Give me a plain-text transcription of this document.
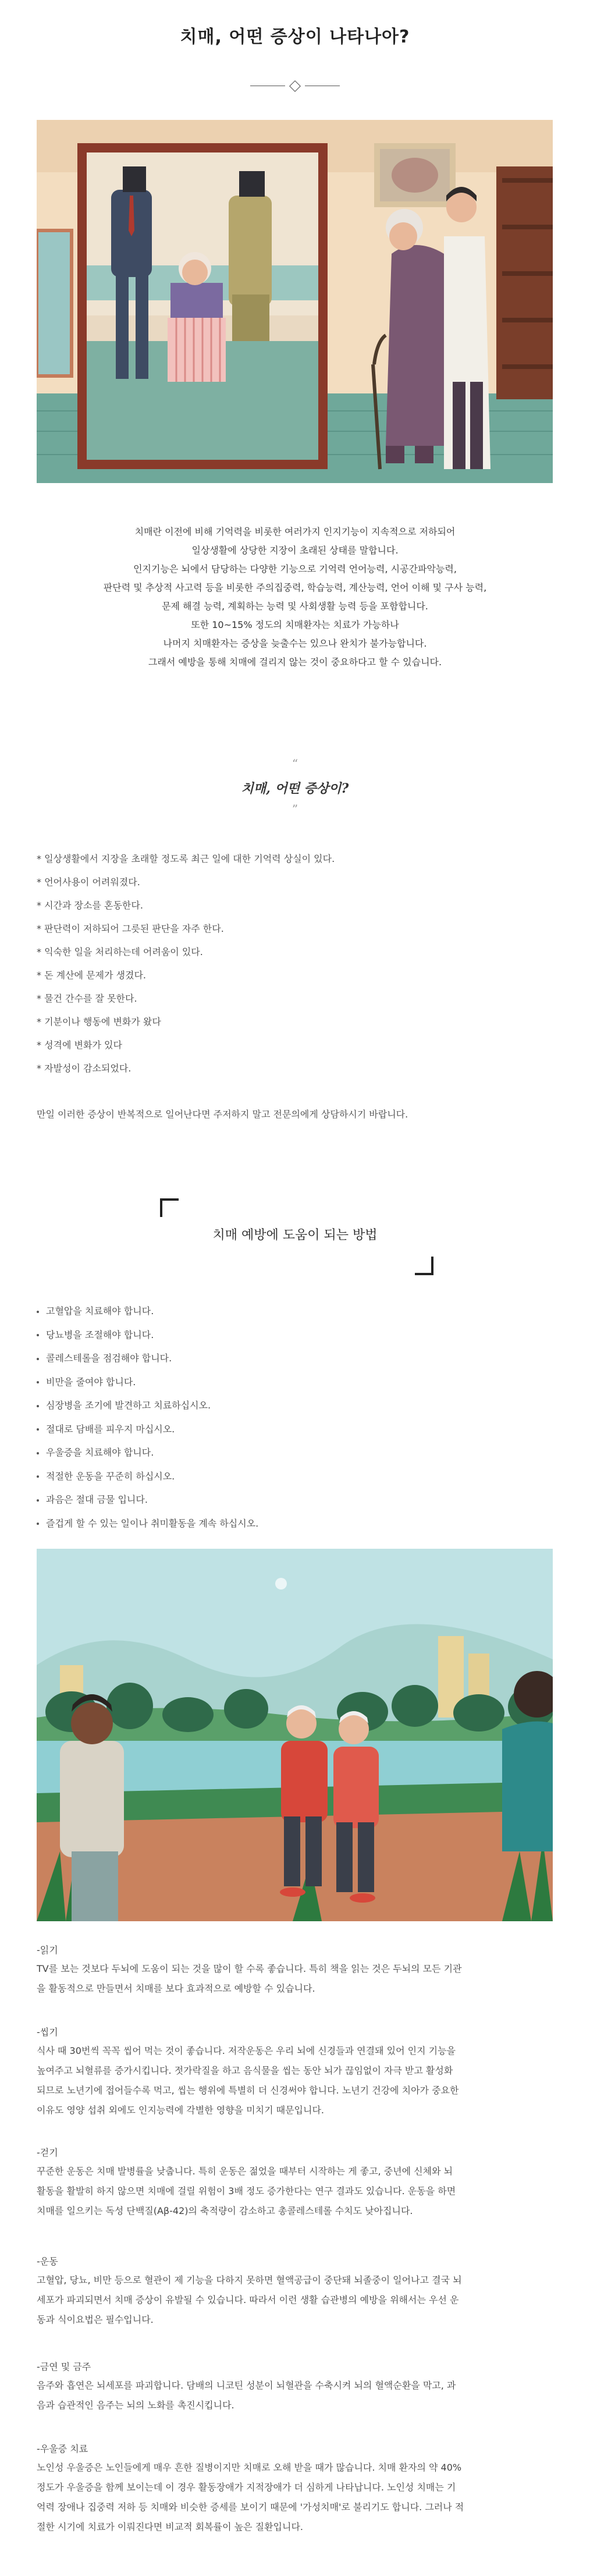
치매, 어떤 증상이 나타나아?
치매란 이전에 비해 기억력을 비롯한 여러가지 인지기능이 지속적으로 저하되어
일상생활에 상당한 지장이 초래된 상태를 말합니다.
인지기능은 뇌에서 담당하는 다양한 기능으로 기억력 언어능력, 시공간파악능력,
판단력 및 추상적 사고력 등을 비롯한 주의집중력, 학습능력, 계산능력, 언어 이해 및 구사 능력,
문제 해결 능력, 계획하는 능력 및 사회생활 능력 등을 포함합니다.
또한 10~15% 정도의 치매환자는 치료가 가능하나
나머지 치매환자는 증상을 늦출수는 있으나 완치가 불가능합니다.
그래서 예방을 통해 치매에 걸리지 않는 것이 중요하다고 할 수 있습니다.
“
치매, 어떤 증상이?
”
* 일상생활에서 지장을 초래할 정도록 최근 일에 대한 기억력 상실이 있다.
* 언어사용이 어려워졌다.
* 시간과 장소를 혼동한다.
* 판단력이 저하되어 그릇된 판단을 자주 한다.
* 익숙한 일을 처리하는데 어려움이 있다.
* 돈 계산에 문제가 생겼다.
* 물건 간수를 잘 못한다.
* 기분이나 행동에 변화가 왔다
* 성격에 변화가 있다
* 자발성이 감소되었다.
만일 이러한 증상이 반복적으로 일어난다면 주저하지 말고 전문의에게 상담하시기 바랍니다.
치매 예방에 도움이 되는 방법
고혈압을 치료해야 합니다.
당뇨병을 조절해야 합니다.
콜레스테롤을 점검해야 합니다.
비만을 줄여야 합니다.
심장병을 조기에 발견하고 치료하십시오.
절대로 담배를 피우지 마십시오.
우울증을 치료해야 합니다.
적절한 운동을 꾸준히 하십시오.
과음은 절대 금물 입니다.
즐겁게 할 수 있는 일이나 취미활동을 계속 하십시오.
-읽기
TV를 보는 것보다 두뇌에 도움이 되는 것을 많이 할 수록 좋습니다. 특히 책을 읽는 것은 두뇌의 모든 기관
을 활동적으로 만들면서 치매를 보다 효과적으로 예방할 수 있습니다.
-씹기
식사 때 30번씩 꼭꼭 씹어 먹는 것이 좋습니다. 저작운동은 우리 뇌에 신경들과 연결돼 있어 인지 기능을
높여주고 뇌혈류를 증가시킵니다. 젓가락질을 하고 음식물을 씹는 동안 뇌가 끊임없이 자극 받고 활성화
되므로 노년기에 접어들수록 먹고, 씹는 행위에 특별히 더 신경써야 합니다. 노년기 건강에 치아가 중요한
이유도 영양 섭취 외에도 인지능력에 각별한 영향을 미치기 때문입니다.
-걷기
꾸준한 운동은 치매 발병률을 낮춥니다. 특히 운동은 젊었을 때부터 시작하는 게 좋고, 중년에 신체와 뇌
활동을 활발히 하지 않으면 치매에 걸릴 위험이 3배 정도 증가한다는 연구 결과도 있습니다. 운동을 하면
치매를 일으키는 독성 단백질(Aβ-42)의 축적량이 감소하고 총콜레스테롤 수치도 낮아집니다.
-운동
고혈압, 당뇨, 비만 등으로 혈관이 제 기능을 다하지 못하면 혈액공급이 중단돼 뇌졸중이 일어나고 결국 뇌
세포가 파괴되면서 치매 증상이 유발될 수 있습니다. 따라서 이런 생활 습관병의 예방을 위해서는 우선 운
동과 식이요법은 필수입니다.
-금연 및 금주
음주와 흡연은 뇌세포를 파괴합니다. 담배의 니코틴 성분이 뇌혈관을 수축시켜 뇌의 혈액순환을 막고, 과
음과 습관적인 음주는 뇌의 노화를 촉진시킵니다.
-우울증 치료
노인성 우울증은 노인들에게 매우 흔한 질병이지만 치매로 오해 받을 때가 많습니다. 치매 환자의 약 40%
정도가 우울증을 함께 보이는데 이 경우 활동장애가 지적장애가 더 심하게 나타납니다. 노인성 치매는 기
억력 장애나 집중력 저하 등 치매와 비슷한 증세를 보이기 때문에 '가성치매'로 불리기도 합니다. 그러나 적
절한 시기에 치료가 이뤄진다면 비교적 회복률이 높은 질환입니다.
